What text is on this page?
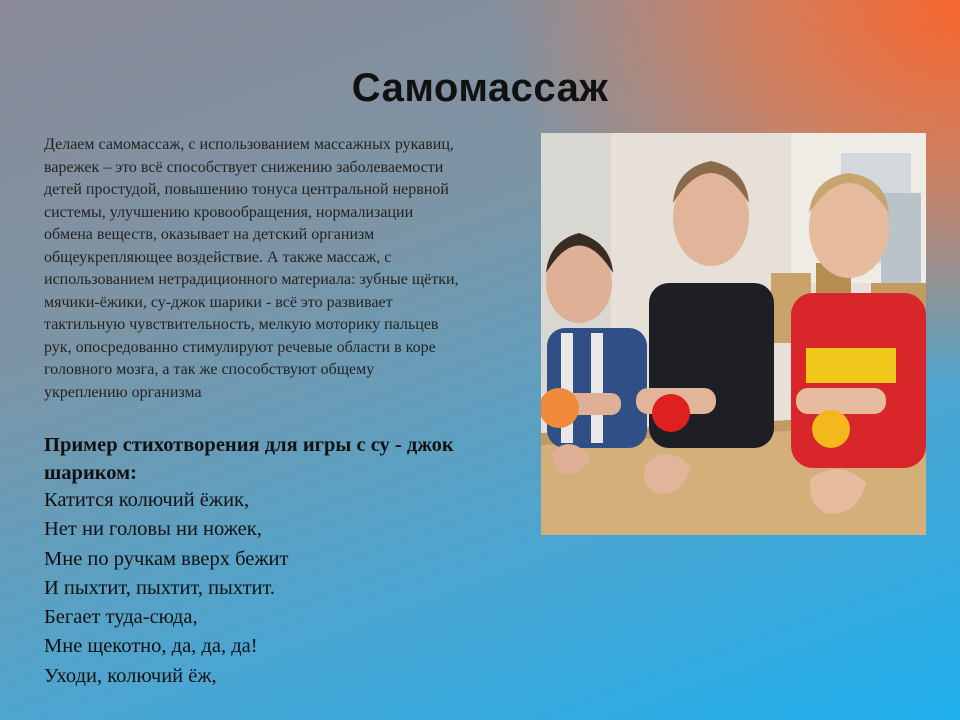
Самомассаж
Делаем самомассаж, с использованием массажных рукавиц,
варежек – это всё способствует снижению заболеваемости
детей простудой, повышению тонуса центральной нервной
системы, улучшению кровообращения, нормализации
обмена веществ, оказывает на детский организм
общеукрепляющее воздействие. А также массаж, с
использованием нетрадиционного материала: зубные щётки,
мячики-ёжики, су-джок шарики - всё это развивает
тактильную чувствительность, мелкую моторику пальцев
рук, опосредованно стимулируют речевые области в коре
головного мозга, а так же способствуют общему
укреплению организма
Пример стихотворения для игры с су - джок
шариком:
Катится колючий ёжик,
Нет ни головы ни ножек,
Мне по ручкам вверх бежит
И пыхтит, пыхтит, пыхтит.
Бегает туда-сюда,
Мне щекотно, да, да, да!
Уходи, колючий ёж,
